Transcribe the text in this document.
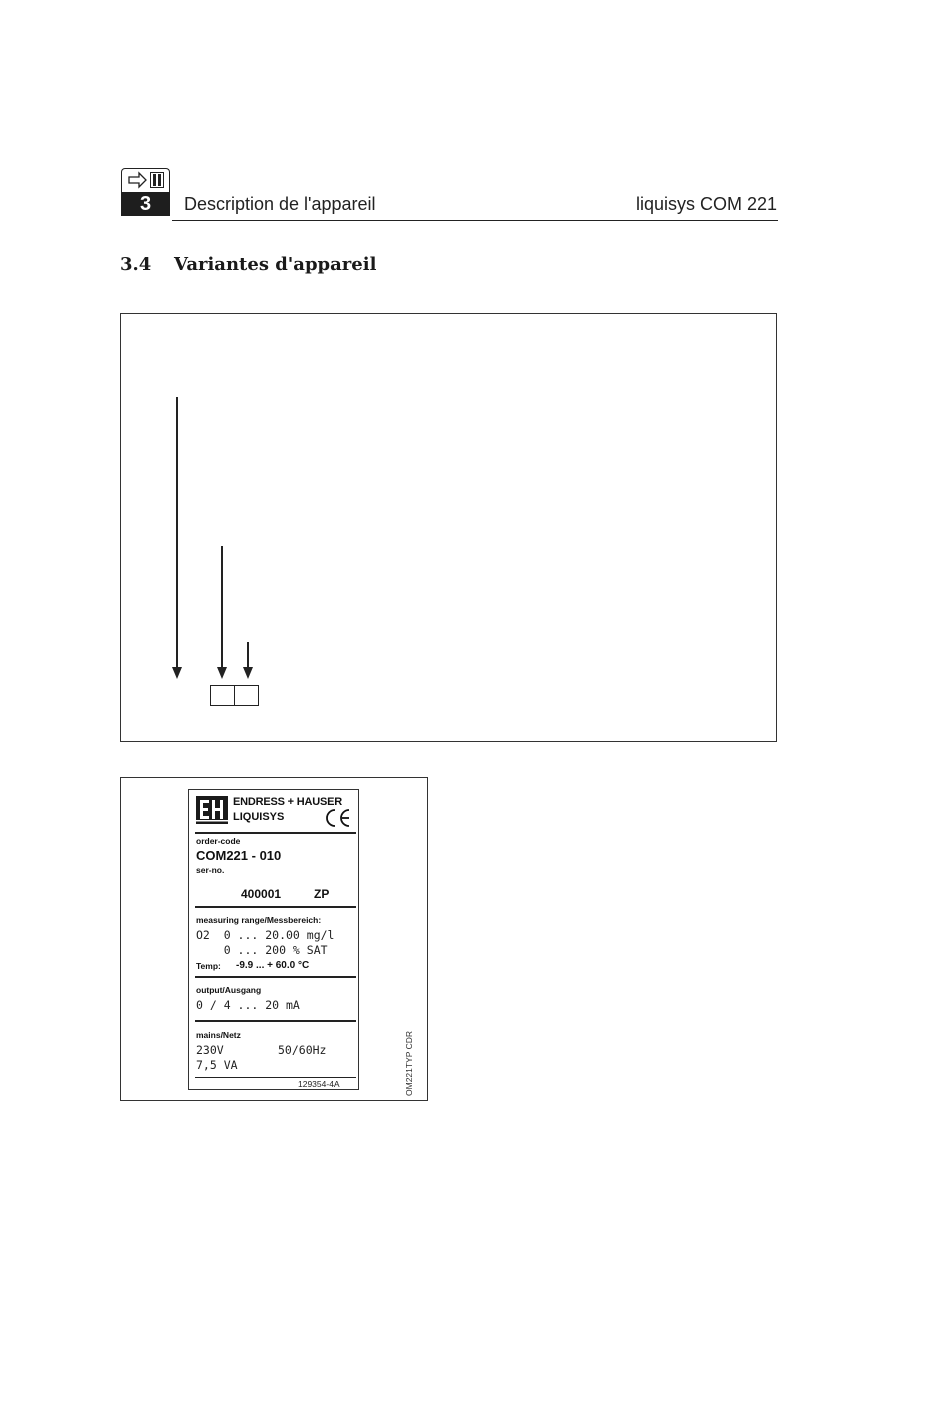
3	Description de l'appareil	liquisys COM 221
3.4 Variantes d'appareil
ENDRESS + HAUSER
LIQUISYS
order-code
COM221 - 010
ser-no.
400001	ZP
measuring range/Messbereich:
O2  0 ... 20.00 mg/l
0 ... 200 % SAT
Temp: -9.9 ... + 60.0 °C
output/Ausgang
0 / 4 ... 20 mA
mains/Netz
230V	50/60Hz
7,5 VA
129354-4A	OM221TYP CDR
